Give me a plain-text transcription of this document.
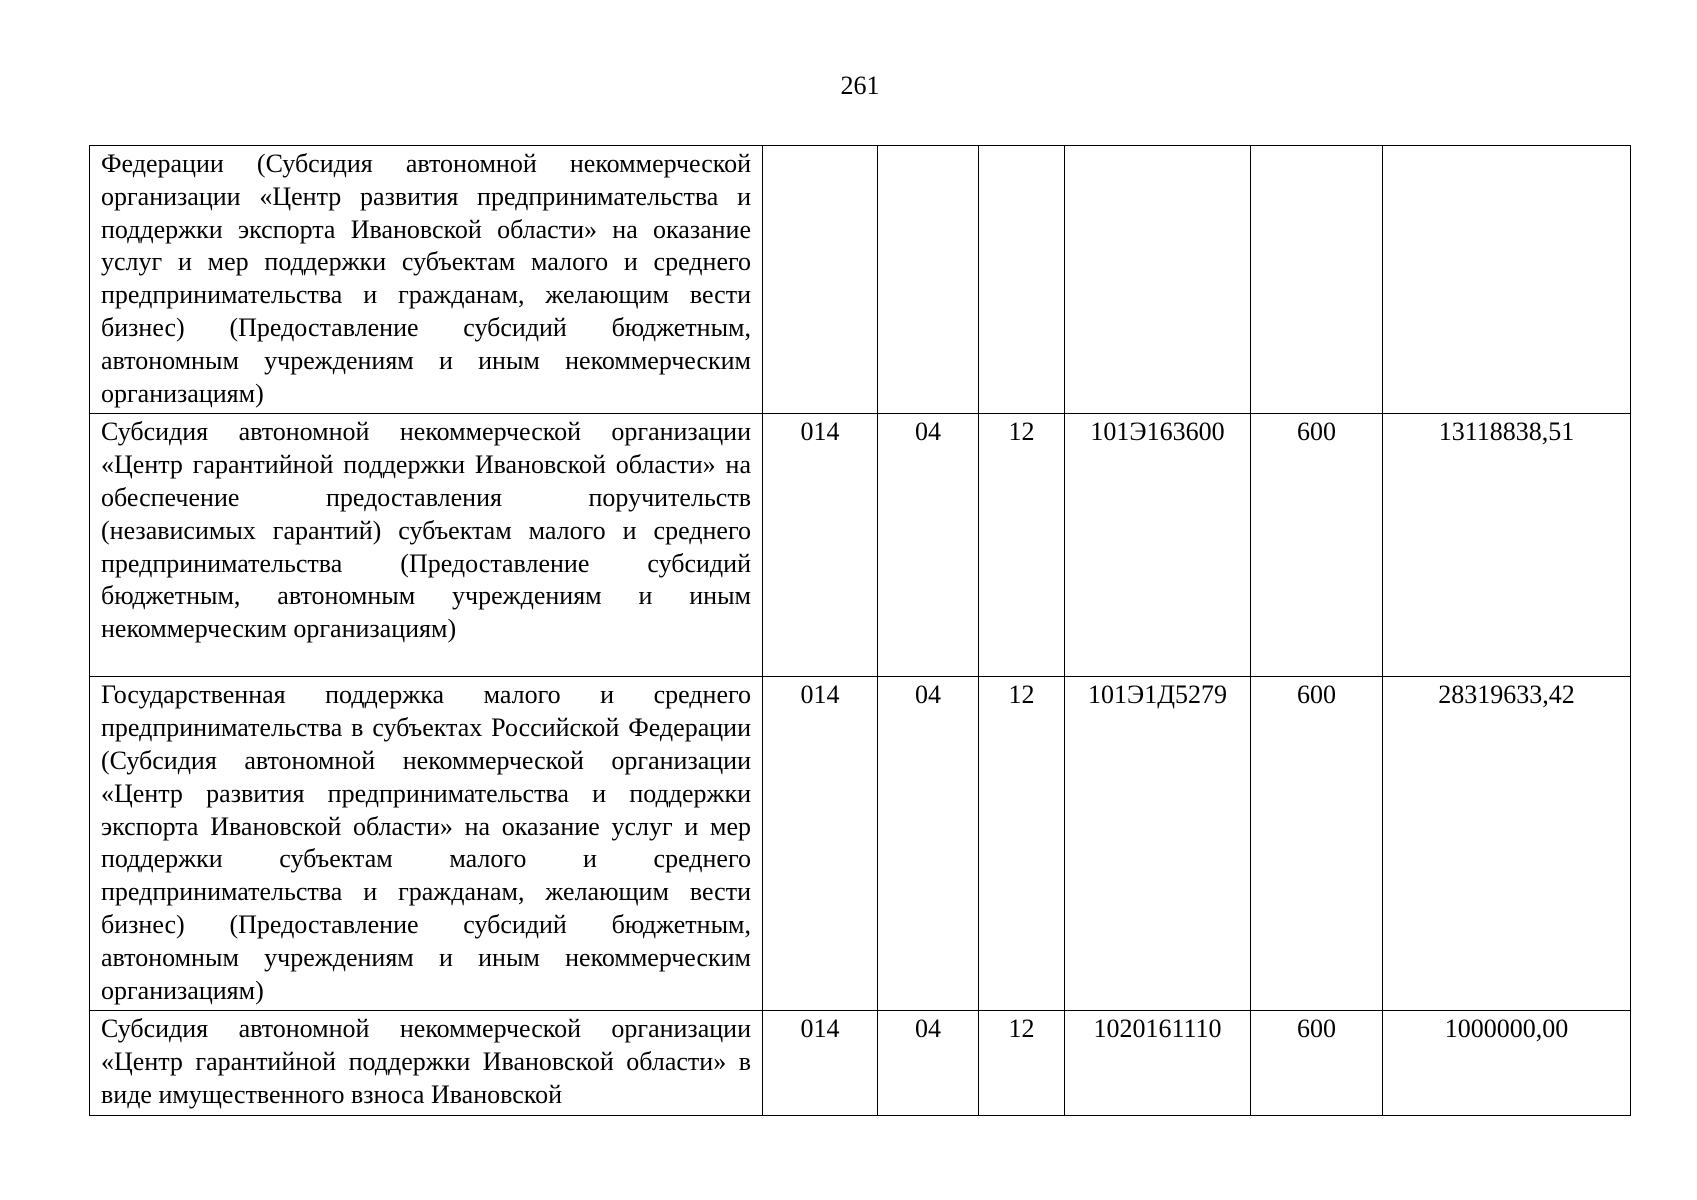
261
Федерации (Субсидия автономной некоммерческой организации «Центр развития предпринимательства и поддержки экспорта Ивановской области» на оказание услуг и мер поддержки субъектам малого и среднего предпринимательства и гражданам, желающим вести бизнес) (Предоставление субсидий бюджетным, автономным учреждениям и иным некоммерческим организациям)						
Субсидия автономной некоммерческой организации «Центр гарантийной поддержки Ивановской области» на обеспечение предоставления поручительств (независимых гарантий) субъектам малого и среднего предпринимательства (Предоставление субсидий бюджетным, автономным учреждениям и иным некоммерческим организациям)	014	04	12	101Э163600	600	13118838,51
Государственная поддержка малого и среднего предпринимательства в субъектах Российской Федерации (Субсидия автономной некоммерческой организации «Центр развития предпринимательства и поддержки экспорта Ивановской области» на оказание услуг и мер поддержки субъектам малого и среднего предпринимательства и гражданам, желающим вести бизнес) (Предоставление субсидий бюджетным, автономным учреждениям и иным некоммерческим организациям)	014	04	12	101Э1Д5279	600	28319633,42
Субсидия автономной некоммерческой организации «Центр гарантийной поддержки Ивановской области» в виде имущественного взноса Ивановской	014	04	12	1020161110	600	1000000,00
